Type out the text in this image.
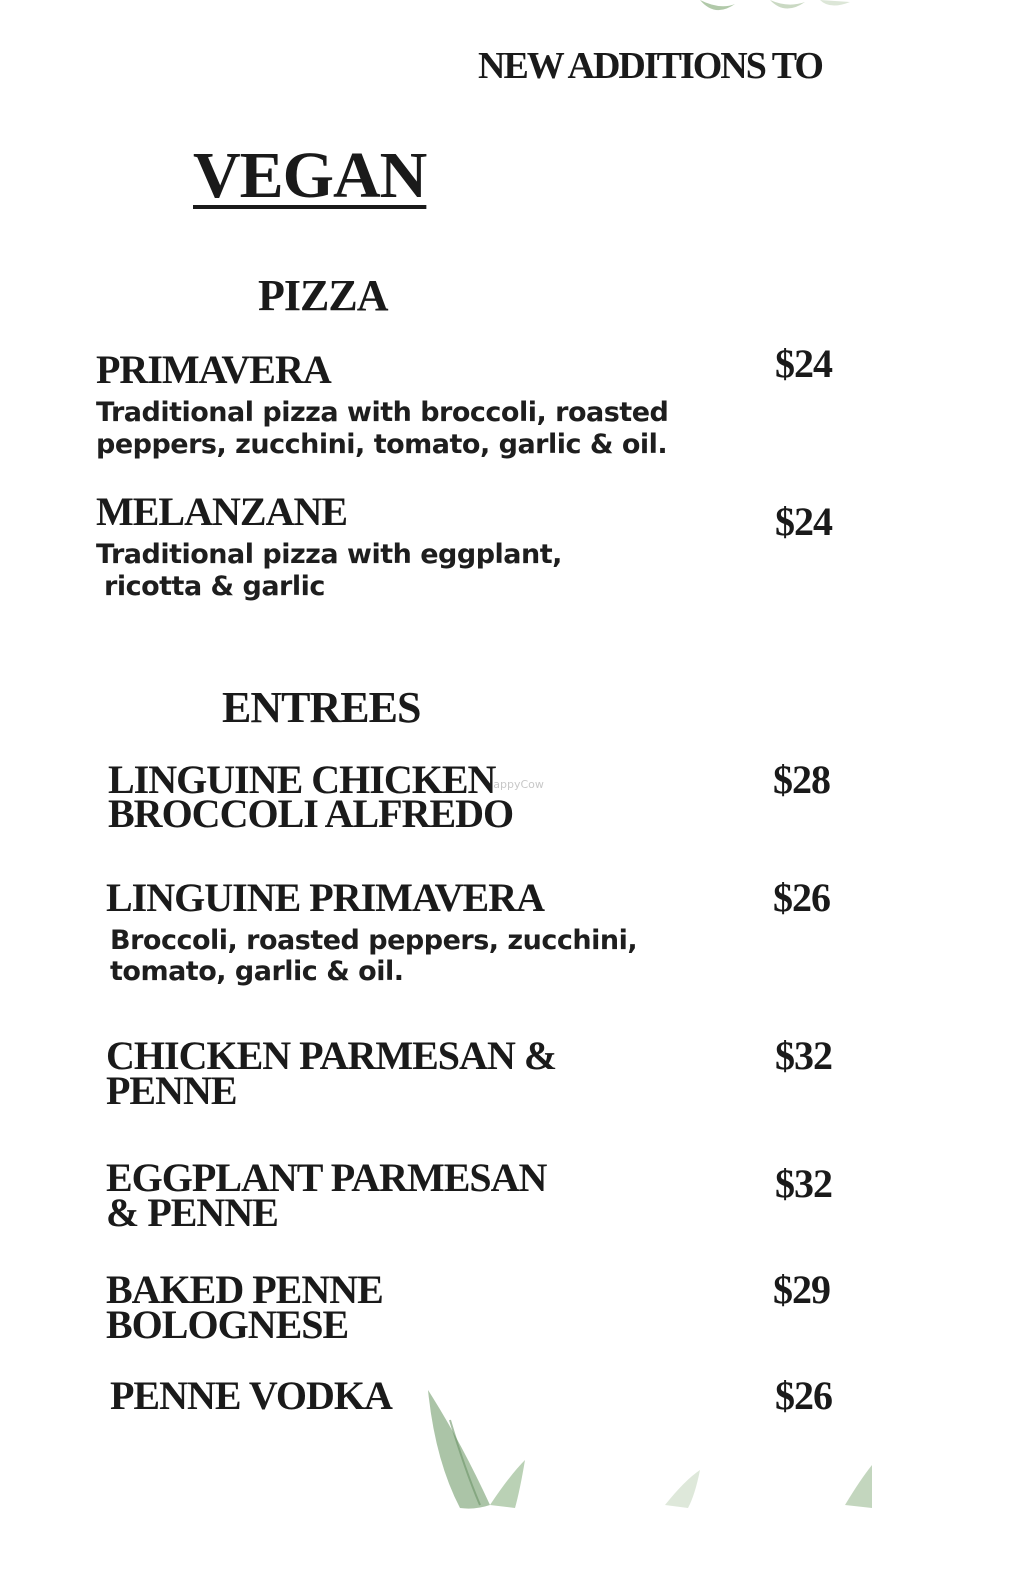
NEW ADDITIONS TO
VEGAN
HappyCow
PIZZA
PRIMAVERA
Traditional pizza with broccoli, roasted
peppers, zucchini, tomato, garlic & oil.
$24
MELANZANE
Traditional pizza with eggplant,
ricotta & garlic
$24
ENTREES
LINGUINE CHICKEN
BROCCOLI ALFREDO
$28
LINGUINE PRIMAVERA
Broccoli, roasted peppers, zucchini,
tomato, garlic & oil.
$26
CHICKEN PARMESAN &
PENNE
$32
EGGPLANT PARMESAN
& PENNE
$32
BAKED PENNE
BOLOGNESE
$29
PENNE VODKA	$26
